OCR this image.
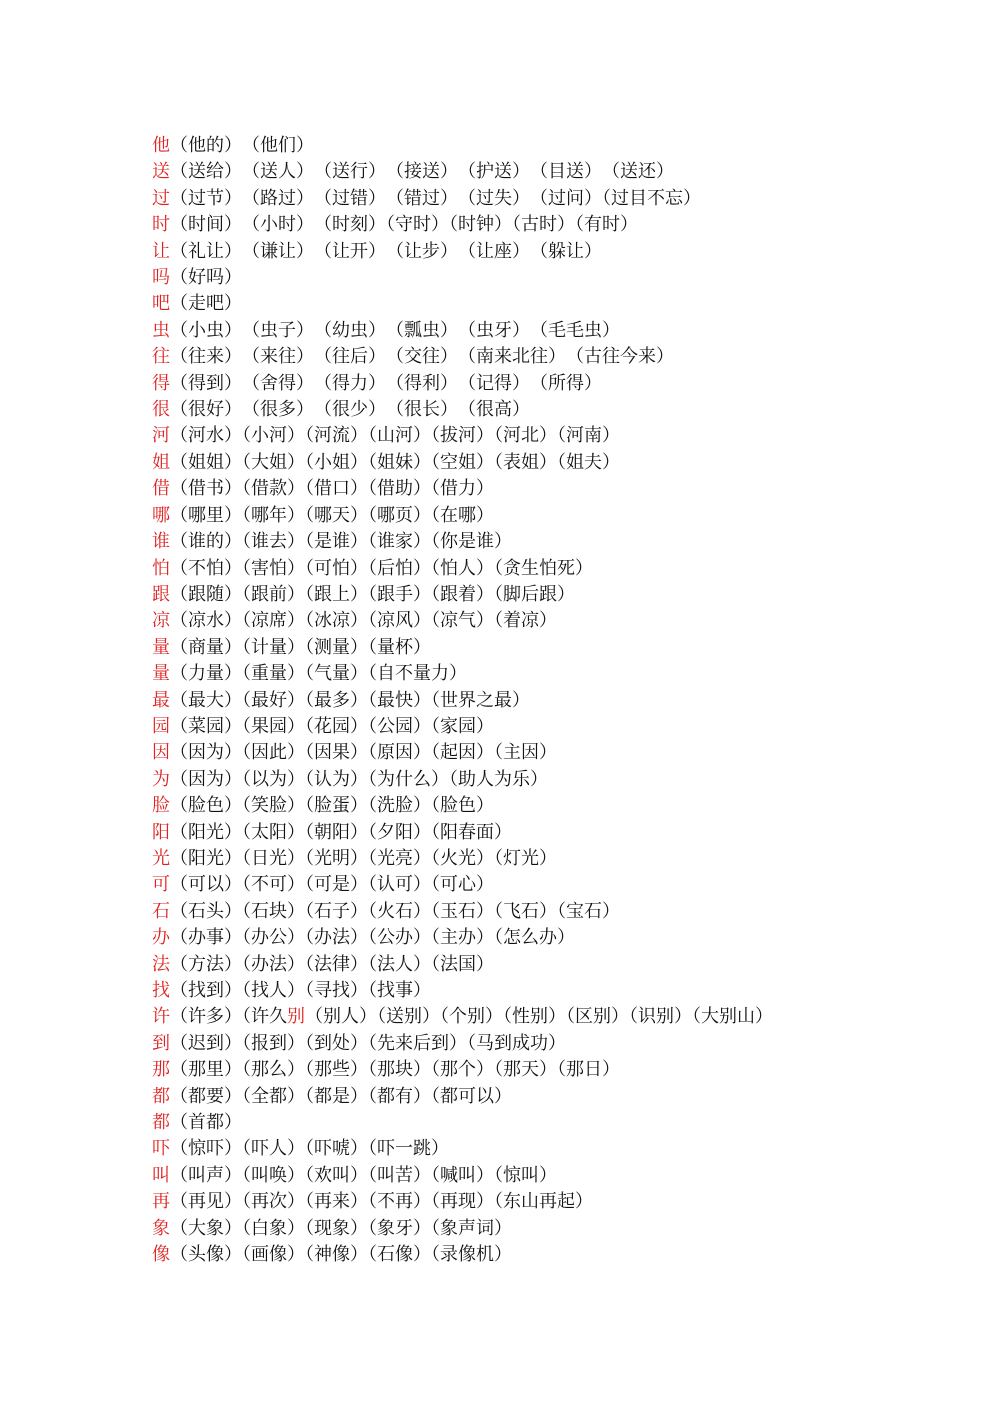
他（他的）　（他们）
送（送给）　（送人）　（送行）　（接送）　（护送）　（目送）　（送还）
过（过节）　（路过）　（过错）　（错过）　（过失）　（过问）（过目不忘）
时（时间）　（小时）　（时刻）（守时）（时钟）（古时）（有时）
让（礼让）　（谦让）　（让开）　（让步）　（让座）　（躲让）
吗（好吗）
吧（走吧）
虫（小虫）　（虫子）　（幼虫）　（瓢虫）　（虫牙）　（毛毛虫）
往（往来）　（来往）　（往后）　（交往）　（南来北往）　（古往今来）
得（得到）　（舍得）　（得力）　（得利）　（记得）　（所得）
很（很好）　（很多）　（很少）　（很长）　（很高）
河（河水）（小河）（河流）（山河）（拔河）（河北）（河南）
姐（姐姐）（大姐）（小姐）（姐妹）（空姐）（表姐）（姐夫）
借（借书）（借款）（借口）（借助）（借力）
哪（哪里）（哪年）（哪天）（哪页）（在哪）
谁（谁的）（谁去）（是谁）（谁家）（你是谁）
怕（不怕）（害怕）（可怕）（后怕）（怕人）（贪生怕死）
跟（跟随）（跟前）（跟上）（跟手）（跟着）（脚后跟）
凉（凉水）（凉席）（冰凉）（凉风）（凉气）（着凉）
量（商量）（计量）（测量）（量杯）
量（力量）（重量）（气量）（自不量力）
最（最大）（最好）（最多）（最快）（世界之最）
园（菜园）（果园）（花园）（公园）（家园）
因（因为）（因此）（因果）（原因）（起因）（主因）
为（因为）（以为）（认为）（为什么）（助人为乐）
脸（脸色）（笑脸）（脸蛋）（洗脸）（脸色）
阳（阳光）（太阳）（朝阳）（夕阳）（阳春面）
光（阳光）（日光）（光明）（光亮）（火光）（灯光）
可（可以）（不可）（可是）（认可）（可心）
石（石头）（石块）（石子）（火石）（玉石）（飞石）（宝石）
办（办事）（办公）（办法）（公办）（主办）（怎么办）
法（方法）（办法）（法律）（法人）（法国）
找（找到）（找人）（寻找）（找事）
许（许多）（许久别（别人）（送别）（个别）（性别）（区别）（识别）（大别山）
到（迟到）（报到）（到处）（先来后到）（马到成功）
那（那里）（那么）（那些）（那块）（那个）（那天）（那日）
都（都要）（全都）（都是）（都有）（都可以）
都（首都）
吓（惊吓）（吓人）（吓唬）（吓一跳）
叫（叫声）（叫唤）（欢叫）（叫苦）（喊叫）（惊叫）
再（再见）（再次）（再来）（不再）（再现）（东山再起）
象（大象）（白象）（现象）（象牙）（象声词）
像（头像）（画像）（神像）（石像）（录像机）
